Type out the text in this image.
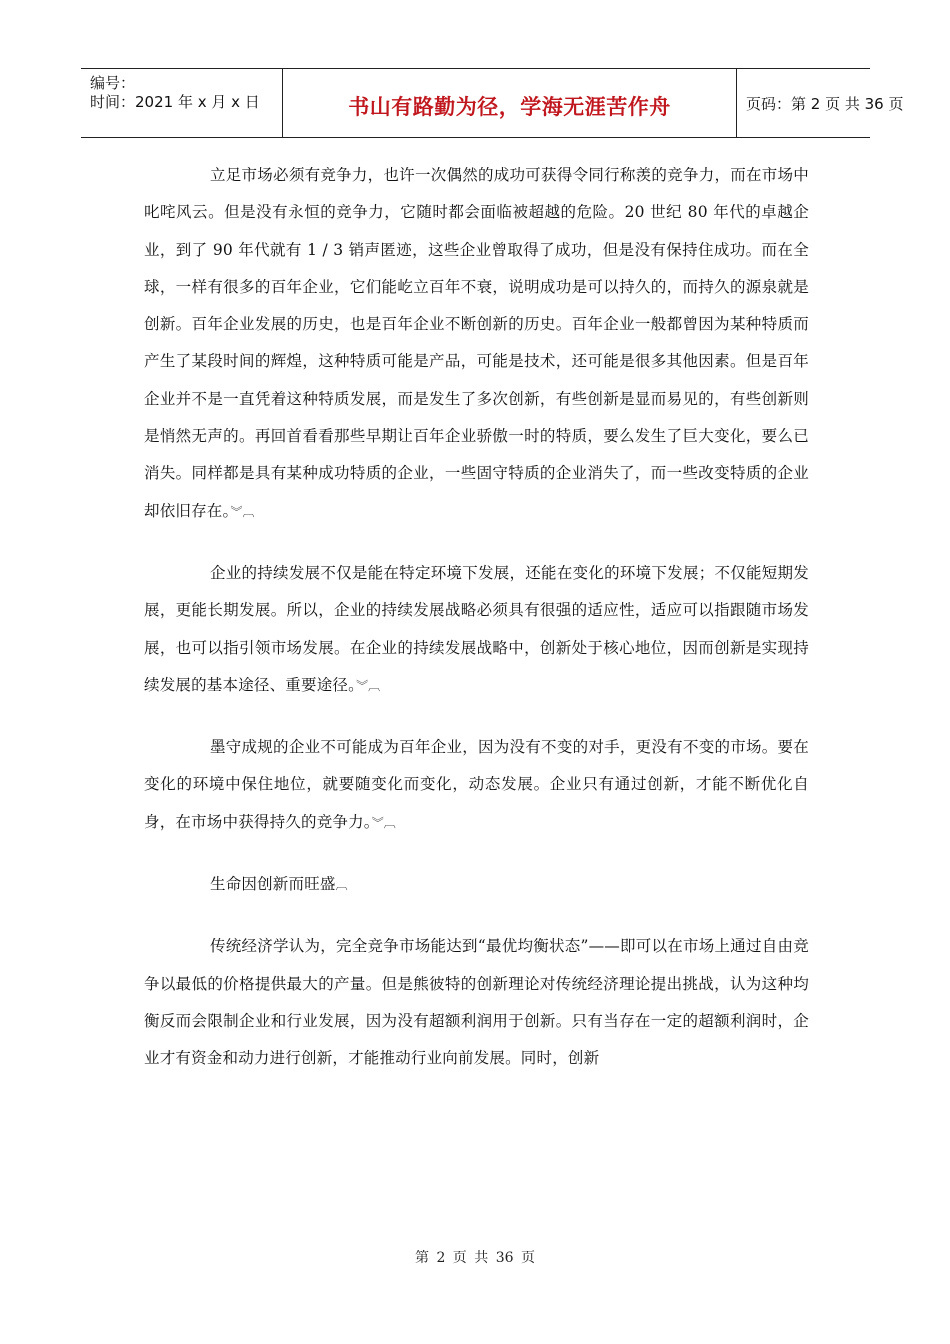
编号：
时间：2021 年 x 月 x 日	书山有路勤为径，学海无涯苦作舟	页码：第 2 页 共 36 页

立足市场必须有竞争力，也许一次偶然的成功可获得令同行称羡的竞争力，而在市场中叱咤风云。但是没有永恒的竞争力，它随时都会面临被超越的危险。20 世纪 80 年代的卓越企业，到了 90 年代就有 1 / 3 销声匿迹，这些企业曾取得了成功，但是没有保持住成功。而在全球，一样有很多的百年企业，它们能屹立百年不衰，说明成功是可以持久的，而持久的源泉就是创新。百年企业发展的历史，也是百年企业不断创新的历史。百年企业一般都曾因为某种特质而产生了某段时间的辉煌，这种特质可能是产品，可能是技术，还可能是很多其他因素。但是百年企业并不是一直凭着这种特质发展，而是发生了多次创新，有些创新是显而易见的，有些创新则是悄然无声的。再回首看看那些早期让百年企业骄傲一时的特质，要么发生了巨大变化，要么已消失。同样都是具有某种成功特质的企业，一些固守特质的企业消失了，而一些改变特质的企业却依旧存在。︾︹

企业的持续发展不仅是能在特定环境下发展，还能在变化的环境下发展；不仅能短期发展，更能长期发展。所以，企业的持续发展战略必须具有很强的适应性，适应可以指跟随市场发展，也可以指引领市场发展。在企业的持续发展战略中，创新处于核心地位，因而创新是实现持续发展的基本途径、重要途径。︾︹

墨守成规的企业不可能成为百年企业，因为没有不变的对手，更没有不变的市场。要在变化的环境中保住地位，就要随变化而变化，动态发展。企业只有通过创新，才能不断优化自身，在市场中获得持久的竞争力。︾︹

生命因创新而旺盛︹

传统经济学认为，完全竞争市场能达到“最优均衡状态”——即可以在市场上通过自由竞争以最低的价格提供最大的产量。但是熊彼特的创新理论对传统经济理论提出挑战，认为这种均衡反而会限制企业和行业发展，因为没有超额利润用于创新。只有当存在一定的超额利润时，企业才有资金和动力进行创新，才能推动行业向前发展。同时，创新

第 2 页 共 36 页
